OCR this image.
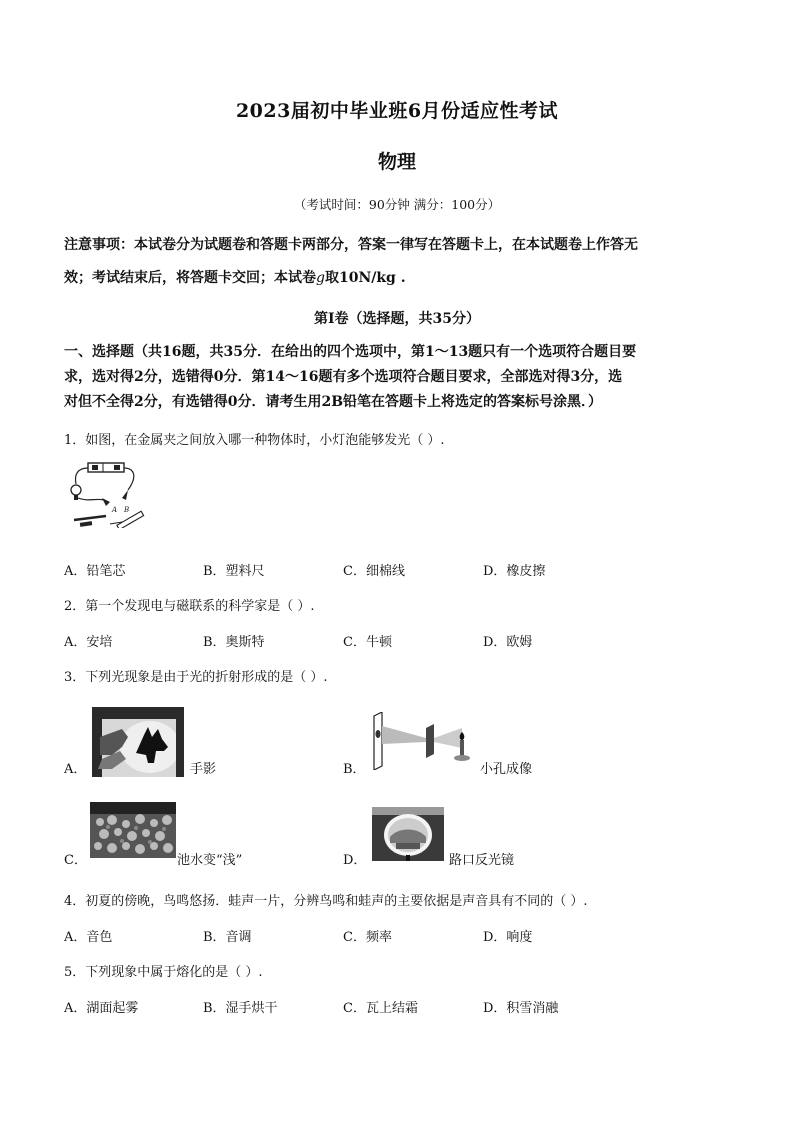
2023届初中毕业班6月份适应性考试
物理
（考试时间：90分钟 满分：100分）
注意事项：本试卷分为试题卷和答题卡两部分，答案一律写在答题卡上，在本试题卷上作答无
效；考试结束后，将答题卡交回；本试卷g取10N/kg .
第Ⅰ卷（选择题，共35分）
一、选择题（共16题，共35分．在给出的四个选项中，第1～13题只有一个选项符合题目要
求，选对得2分，选错得0分．第14～16题有多个选项符合题目要求，全部选对得3分，选
对但不全得2分，有选错得0分．请考生用2B铅笔在答题卡上将选定的答案标号涂黑．）
1．如图，在金属夹之间放入哪一种物体时，小灯泡能够发光（ ）.
A B
A．铅笔芯	B．塑料尺	C．细棉线	D．橡皮擦
2．第一个发现电与磁联系的科学家是（ ）.
A．安培	B．奥斯特	C．牛顿	D．欧姆
3．下列光现象是由于光的折射形成的是（ ）.
A．	手影	B．	小孔成像
C．	池水变“浅”	D．	路口反光镜
4．初夏的傍晚，鸟鸣悠扬．蛙声一片，分辨鸟鸣和蛙声的主要依据是声音具有不同的（ ）.
A．音色	B．音调	C．频率	D．响度
5．下列现象中属于熔化的是（ ）.
A．湖面起雾	B．湿手烘干	C．瓦上结霜	D．积雪消融
